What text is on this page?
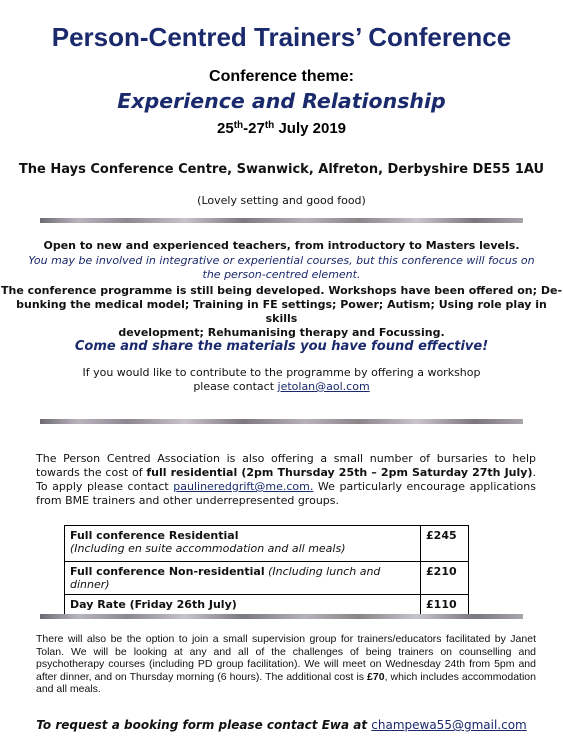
Person-Centred Trainers’ Conference
Conference theme:
Experience and Relationship
25th-27th July 2019
The Hays Conference Centre, Swanwick, Alfreton, Derbyshire DE55 1AU
(Lovely setting and good food)
Open to new and experienced teachers, from introductory to Masters levels.
You may be involved in integrative or experiential courses, but this conference will focus on
the person-centred element.
The conference programme is still being developed. Workshops have been offered on; De-
bunking the medical model; Training in FE settings; Power; Autism; Using role play in skills
development; Rehumanising therapy and Focussing.
Come and share the materials you have found effective!
If you would like to contribute to the programme by offering a workshop
please contact jetolan@aol.com
The Person Centred Association is also offering a small number of bursaries to help towards the cost of full residential (2pm Thursday 25th – 2pm Saturday 27th July). To apply please contact paulineredgrift@me.com. We particularly encourage applications from BME trainers and other underrepresented groups.
Full conference Residential
(Including en suite accommodation and all meals)	£245
Full conference Non-residential (Including lunch and dinner)	£210
Day Rate (Friday 26th July)	£110
There will also be the option to join a small supervision group for trainers/educators facilitated by Janet Tolan. We will be looking at any and all of the challenges of being trainers on counselling and psychotherapy courses (including PD group facilitation). We will meet on Wednesday 24th from 5pm and after dinner, and on Thursday morning (6 hours). The additional cost is £70, which includes accommodation and all meals.
To request a booking form please contact Ewa at champewa55@gmail.com
